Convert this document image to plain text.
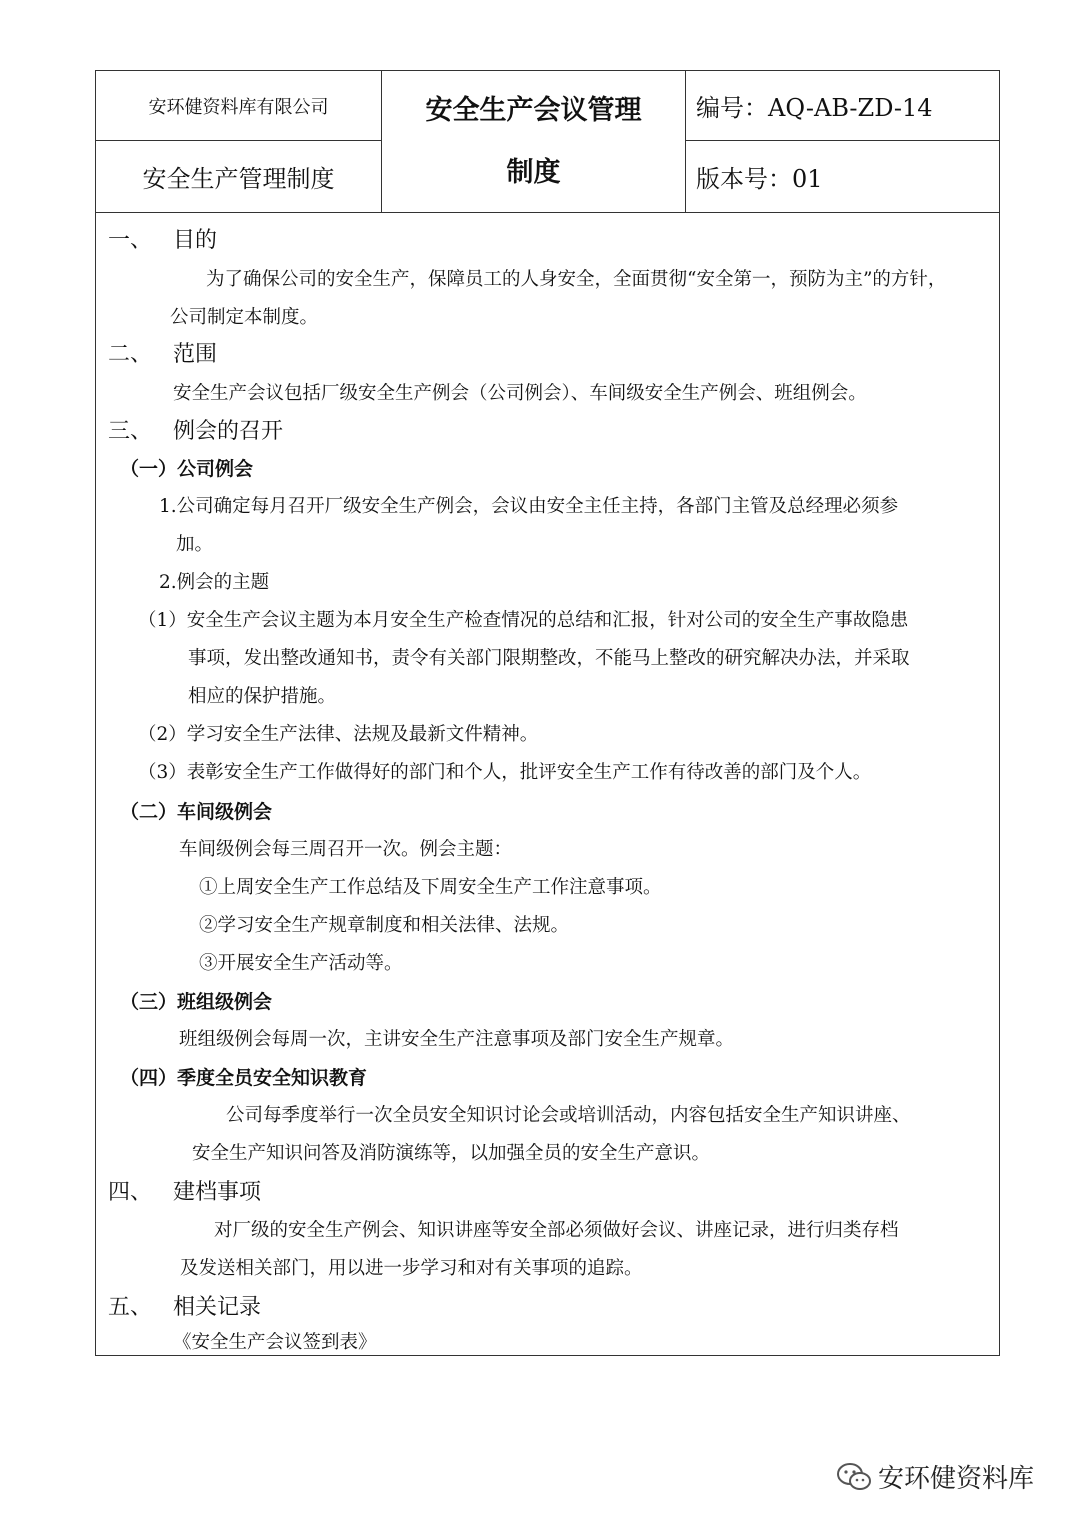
安环健资料库有限公司
安全生产管理制度
安全生产会议管理
制度
编号：AQ-AB-ZD-14
版本号：01
一、 目的
为了确保公司的安全生产，保障员工的人身安全，全面贯彻“安全第一，预防为主”的方针，
公司制定本制度。
二、 范围
安全生产会议包括厂级安全生产例会（公司例会）、车间级安全生产例会、班组例会。
三、 例会的召开
（一）公司例会
1.公司确定每月召开厂级安全生产例会，会议由安全主任主持，各部门主管及总经理必须参
加。
2.例会的主题
（1）安全生产会议主题为本月安全生产检查情况的总结和汇报，针对公司的安全生产事故隐患
事项，发出整改通知书，责令有关部门限期整改，不能马上整改的研究解决办法，并采取
相应的保护措施。
（2）学习安全生产法律、法规及最新文件精神。
（3）表彰安全生产工作做得好的部门和个人，批评安全生产工作有待改善的部门及个人。
（二）车间级例会
车间级例会每三周召开一次。例会主题：
①上周安全生产工作总结及下周安全生产工作注意事项。
②学习安全生产规章制度和相关法律、法规。
③开展安全生产活动等。
（三）班组级例会
班组级例会每周一次，主讲安全生产注意事项及部门安全生产规章。
（四）季度全员安全知识教育
公司每季度举行一次全员安全知识讨论会或培训活动，内容包括安全生产知识讲座、
安全生产知识问答及消防演练等，以加强全员的安全生产意识。
四、 建档事项
对厂级的安全生产例会、知识讲座等安全部必须做好会议、讲座记录，进行归类存档
及发送相关部门，用以进一步学习和对有关事项的追踪。
五、 相关记录
《安全生产会议签到表》
安环健资料库
